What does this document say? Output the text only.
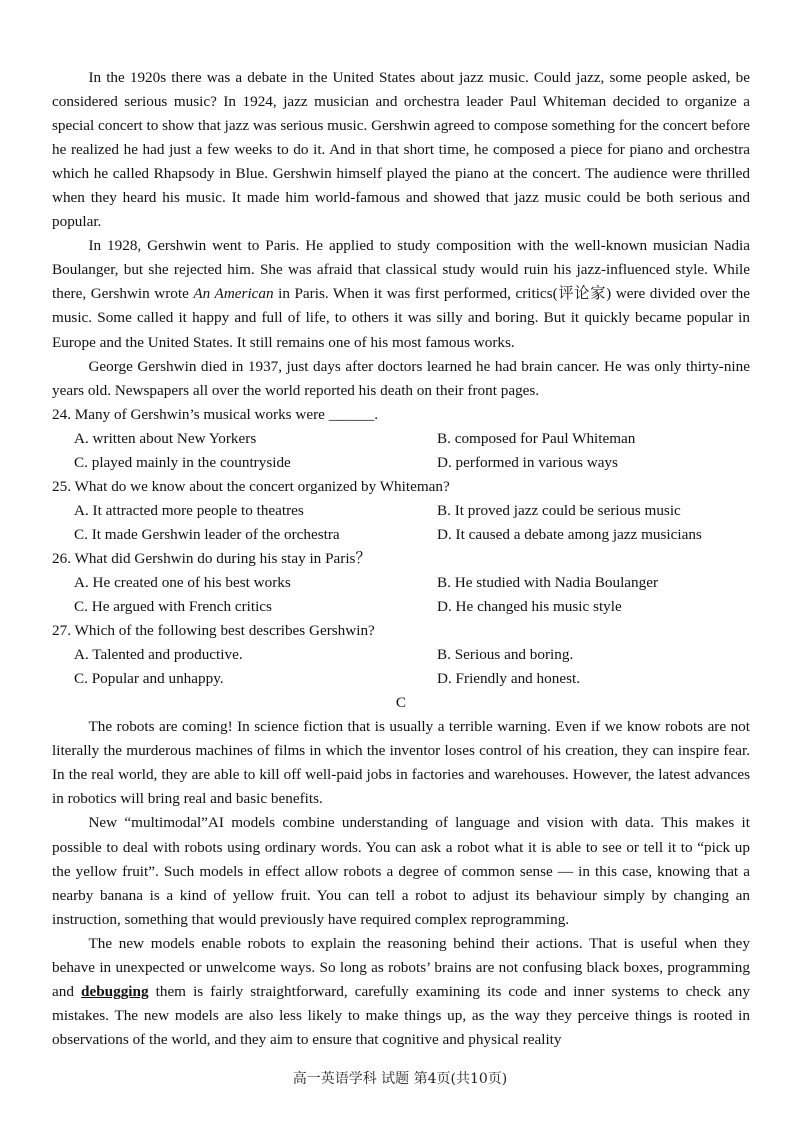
In the 1920s there was a debate in the United States about jazz music. Could jazz, some people asked, be considered serious music? In 1924, jazz musician and orchestra leader Paul Whiteman decided to organize a special concert to show that jazz was serious music. Gershwin agreed to compose something for the concert before he realized he had just a few weeks to do it. And in that short time, he composed a piece for piano and orchestra which he called Rhapsody in Blue. Gershwin himself played the piano at the concert. The audience were thrilled when they heard his music. It made him world-famous and showed that jazz music could be both serious and popular.

In 1928, Gershwin went to Paris. He applied to study composition with the well-known musician Nadia Boulanger, but she rejected him. She was afraid that classical study would ruin his jazz-influenced style. While there, Gershwin wrote An American in Paris. When it was first performed, critics(评论家) were divided over the music. Some called it happy and full of life, to others it was silly and boring. But it quickly became popular in Europe and the United States. It still remains one of his most famous works.

George Gershwin died in 1937, just days after doctors learned he had brain cancer. He was only thirty-nine years old. Newspapers all over the world reported his death on their front pages.

24. Many of Gershwin’s musical works were ______.

A. written about New Yorkers	B. composed for Paul Whiteman
C. played mainly in the countryside	D. performed in various ways

25. What do we know about the concert organized by Whiteman?

A. It attracted more people to theatres	B. It proved jazz could be serious music
C. It made Gershwin leader of the orchestra	D. It caused a debate among jazz musicians

26. What did Gershwin do during his stay in Paris？

A. He created one of his best works	B. He studied with Nadia Boulanger
C. He argued with French critics	D. He changed his music style

27. Which of the following best describes Gershwin?

A. Talented and productive.	B. Serious and boring.
C. Popular and unhappy.	D. Friendly and honest.
C

The robots are coming! In science fiction that is usually a terrible warning. Even if we know robots are not literally the murderous machines of films in which the inventor loses control of his creation, they can inspire fear. In the real world, they are able to kill off well-paid jobs in factories and warehouses. However, the latest advances in robotics will bring real and basic benefits.

New “multimodal”AI models combine understanding of language and vision with data. This makes it possible to deal with robots using ordinary words. You can ask a robot what it is able to see or tell it to “pick up the yellow fruit”. Such models in effect allow robots a degree of common sense — in this case, knowing that a nearby banana is a kind of yellow fruit. You can tell a robot to adjust its behaviour simply by changing an instruction, something that would previously have required complex reprogramming.

The new models enable robots to explain the reasoning behind their actions. That is useful when they behave in unexpected or unwelcome ways. So long as robots’ brains are not confusing black boxes, programming and debugging them is fairly straightforward, carefully examining its code and inner systems to check any mistakes. The new models are also less likely to make things up, as the way they perceive things is rooted in observations of the world, and they aim to ensure that cognitive and physical reality

高一英语学科 试题 第4页(共10页)
